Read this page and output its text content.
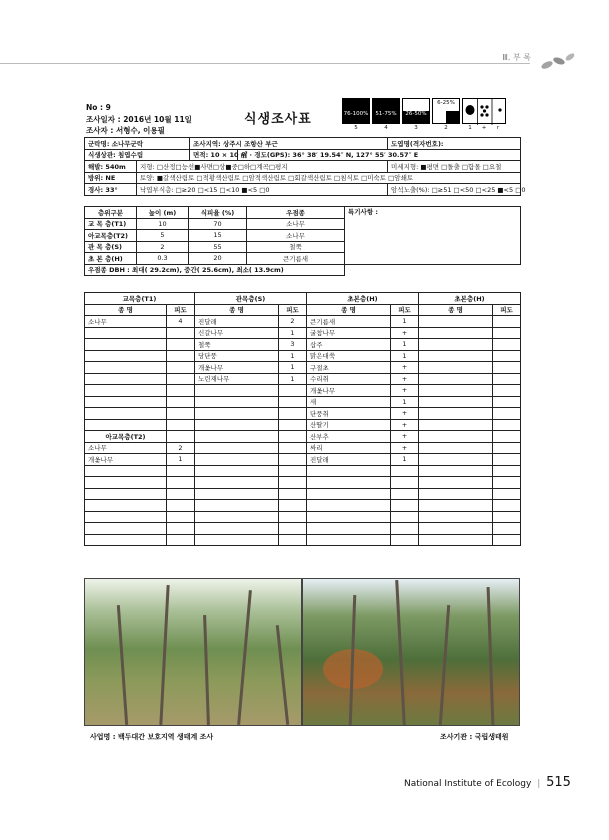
Ⅲ. 부 록
No : 9
조사일자 : 2016년 10월 11일
조사자 : 서형수, 이용필
식생조사표	76-100%	51-75%	26-50%
6-25%
5	4	3	2	1	+	r
군락명: 소나무군락		조사지역: 상주시 조항산 부근		도엽명(격자번호):
식생상관: 침엽수림		면적: 10 × 10 ㎡	위 · 경도(GPS): 36° 38′ 19.54″ N, 127° 55′ 30.57″ E	
해발: 540m	지형: □산정□능선■사면□상■중□하□계곡□평지			미세지형: ■평면 □돌출 □함몰 □요철
방위: NE	토양: ■갈색산림토 □적황색산림토 □암적색산림토 □회갈색산림토 □침식토 □미숙토 □암쇄토			
경사: 33°	낙엽부식층: □≥20 □<15 □<10 ■<5 □0			암석노출(%): □≥51 □<50 □<25 ■<5 □0
층위구분	높이 (m)	식피율 (%)	우점종	특기사항 :
교 목 층(T1)	10	70	소나무	
아교목층(T2)	5	15	소나무	
관 목 층(S)	2	55	철쭉	
초 본 층(H)	0.3	20	큰기름새	
우점종 DBH : 최대( 29.2cm), 중간( 25.6cm), 최소( 13.9cm)				
교목층(T1)		관목층(S)		초본층(H)		초본층(H)	
종 명	피도	종 명	피도	종 명	피도	종 명	피도
소나무	4	진달래	2	큰기름새	1		
		신갈나무	1	굴참나무	+		
		철쭉	3	삽주	1		
		당단풍	1	맑은대쑥	1		
		개옻나무	1	구절초	+		
		노린재나무	1	수리취	+		
				개옻나무	+		
				새	1		
				단풍취	+		
				산딸기	+		
아교목층(T2)				산부추	+		
소나무	2			싸리	+		
개옻나무	1			진달래	1		

사업명 : 백두대간 보호지역 생태계 조사	조사기관 : 국립생태원
National Institute of Ecology | 515
